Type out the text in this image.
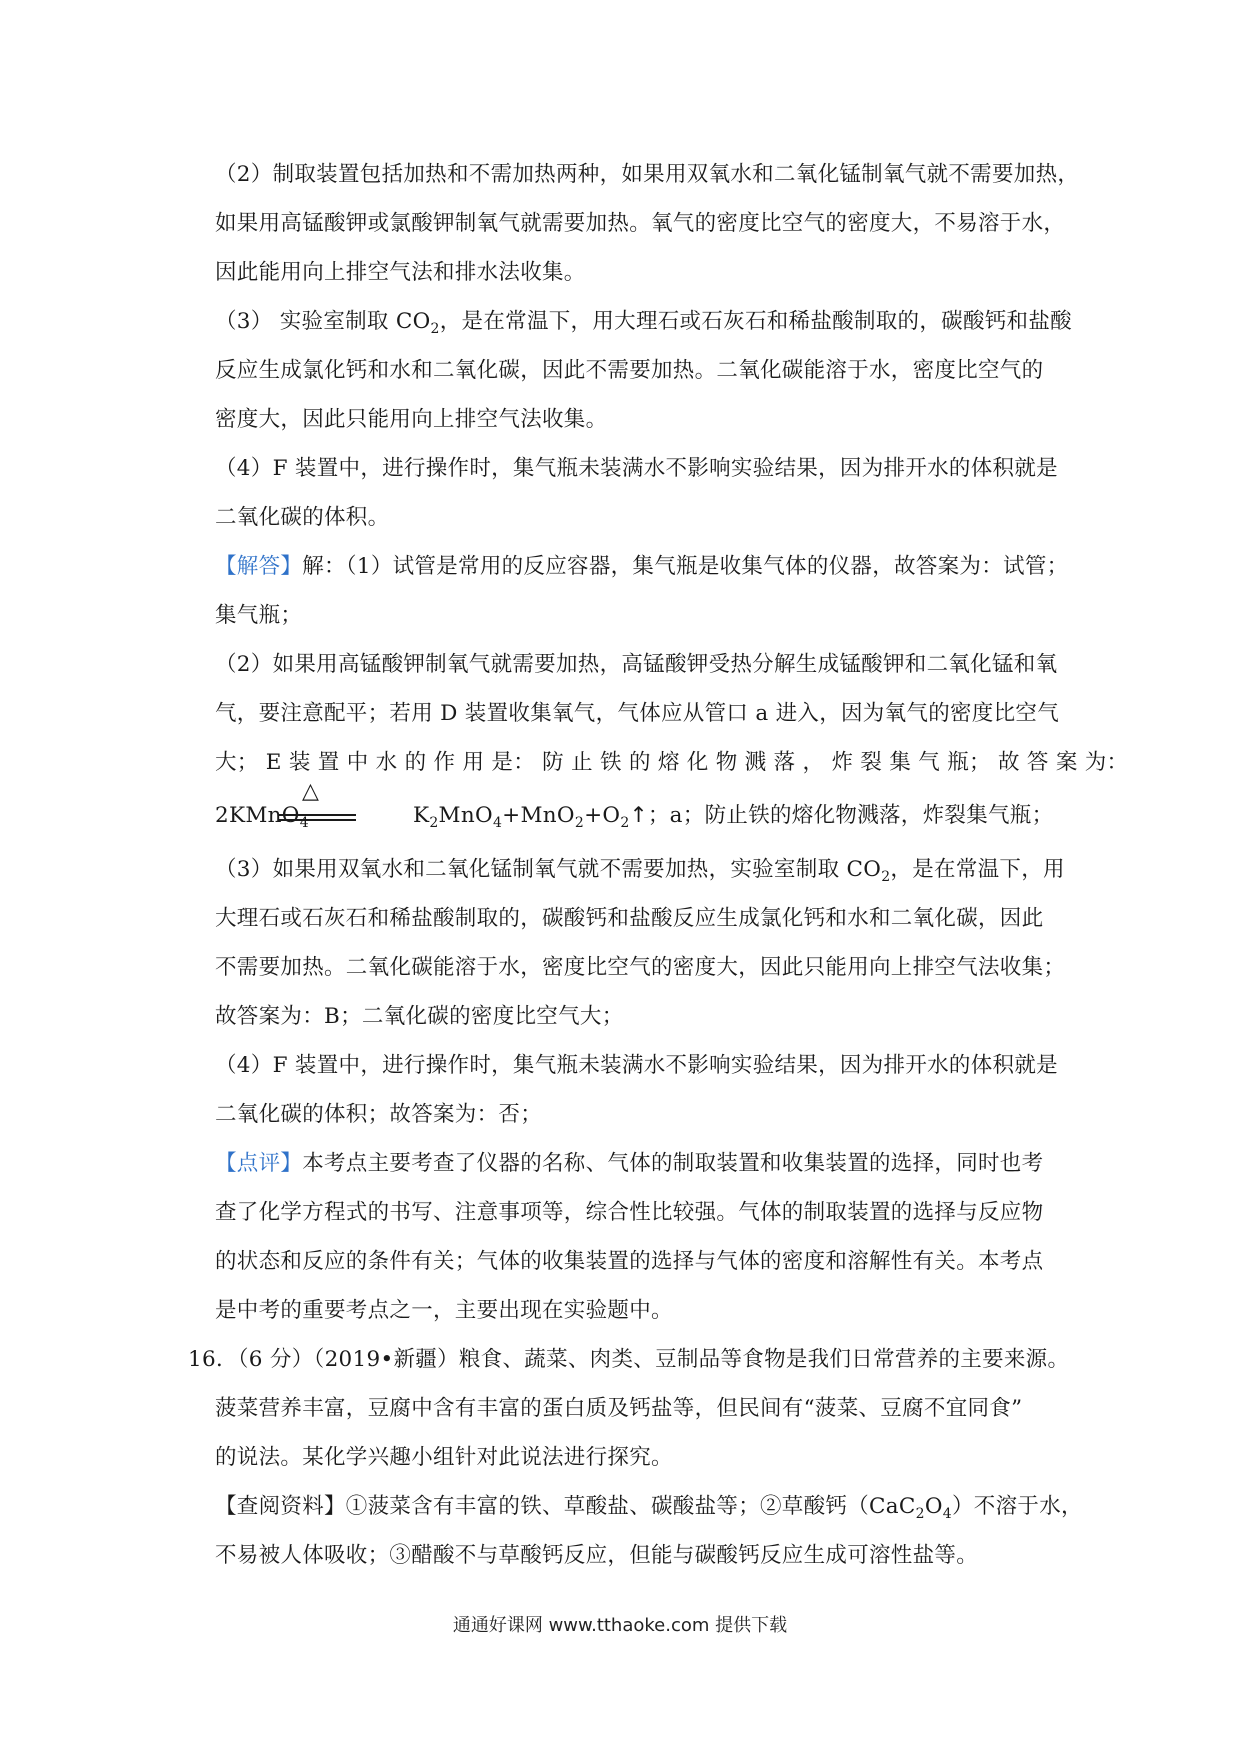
（2）制取装置包括加热和不需加热两种，如果用双氧水和二氧化锰制氧气就不需要加热，
如果用高锰酸钾或氯酸钾制氧气就需要加热。氧气的密度比空气的密度大，不易溶于水，
因此能用向上排空气法和排水法收集。
（3） 实验室制取 $CO_2$，是在常温下，用大理石或石灰石和稀盐酸制取的，碳酸钙和盐酸
反应生成氯化钙和水和二氧化碳，因此不需要加热。二氧化碳能溶于水，密度比空气的
密度大，因此只能用向上排空气法收集。
（4）F 装置中，进行操作时，集气瓶未装满水不影响实验结果，因为排开水的体积就是
二氧化碳的体积。
【解答】解：（1）试管是常用的反应容器，集气瓶是收集气体的仪器，故答案为：试管；
集气瓶；
（2）如果用高锰酸钾制氧气就需要加热，高锰酸钾受热分解生成锰酸钾和二氧化锰和氧
气，要注意配平；若用 D 装置收集氧气，气体应从管口 a 进入，因为氧气的密度比空气
大； E 装 置 中 水 的 作 用 是： 防 止 铁 的 熔 化 物 溅 落 ， 炸 裂 集 气 瓶； 故 答 案 为：
2KMnO$_4$	$K_2MnO_4+MnO_2+O_2↑$；a；防止铁的熔化物溅落，炸裂集气瓶；
△
（3）如果用双氧水和二氧化锰制氧气就不需要加热，实验室制取 $CO_2$，是在常温下，用
大理石或石灰石和稀盐酸制取的，碳酸钙和盐酸反应生成氯化钙和水和二氧化碳，因此
不需要加热。二氧化碳能溶于水，密度比空气的密度大，因此只能用向上排空气法收集；
故答案为：B；二氧化碳的密度比空气大；
（4）F 装置中，进行操作时，集气瓶未装满水不影响实验结果，因为排开水的体积就是
二氧化碳的体积；故答案为：否；
【点评】本考点主要考查了仪器的名称、气体的制取装置和收集装置的选择，同时也考
查了化学方程式的书写、注意事项等，综合性比较强。气体的制取装置的选择与反应物
的状态和反应的条件有关；气体的收集装置的选择与气体的密度和溶解性有关。本考点
是中考的重要考点之一，主要出现在实验题中。
16．（6 分）（2019•新疆）粮食、蔬菜、肉类、豆制品等食物是我们日常营养的主要来源。
菠菜营养丰富，豆腐中含有丰富的蛋白质及钙盐等，但民间有“菠菜、豆腐不宜同食”
的说法。某化学兴趣小组针对此说法进行探究。
【查阅资料】①菠菜含有丰富的铁、草酸盐、碳酸盐等；②草酸钙$(CaC_2O_4)$不溶于水，
不易被人体吸收；③醋酸不与草酸钙反应，但能与碳酸钙反应生成可溶性盐等。
通通好课网 www.tthaoke.com 提供下载
